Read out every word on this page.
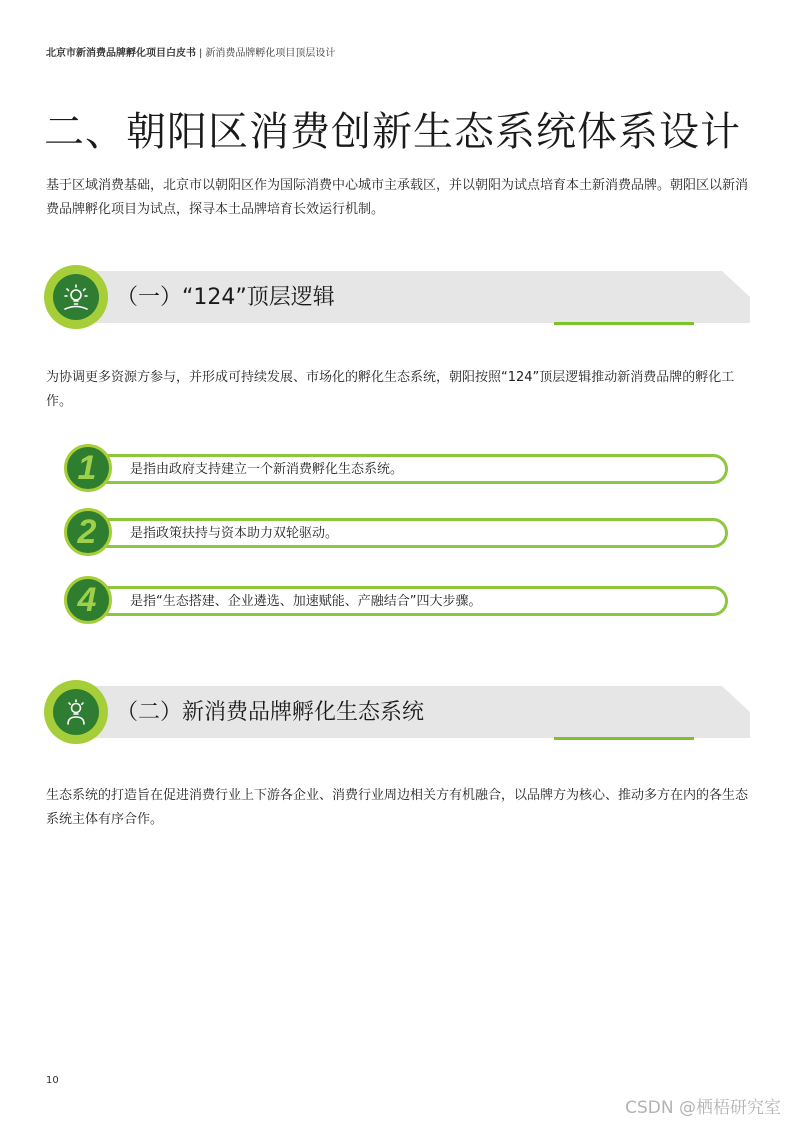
北京市新消费品牌孵化项目白皮书 | 新消费品牌孵化项目顶层设计
二、朝阳区消费创新生态系统体系设计

基于区域消费基础，北京市以朝阳区作为国际消费中心城市主承载区，并以朝阳为试点培育本土新消费品牌。朝阳区以新消费品牌孵化项目为试点，探寻本土品牌培育长效运行机制。

（一）“124”顶层逻辑

为协调更多资源方参与，并形成可持续发展、市场化的孵化生态系统，朝阳按照“124”顶层逻辑推动新消费品牌的孵化工作。

1	是指由政府支持建立一个新消费孵化生态系统。
2	是指政策扶持与资本助力双轮驱动。
4	是指“生态搭建、企业遴选、加速赋能、产融结合”四大步骤。
（二）新消费品牌孵化生态系统

生态系统的打造旨在促进消费行业上下游各企业、消费行业周边相关方有机融合，以品牌方为核心、推动多方在内的各生态系统主体有序合作。

10
CSDN @栖梧研究室
